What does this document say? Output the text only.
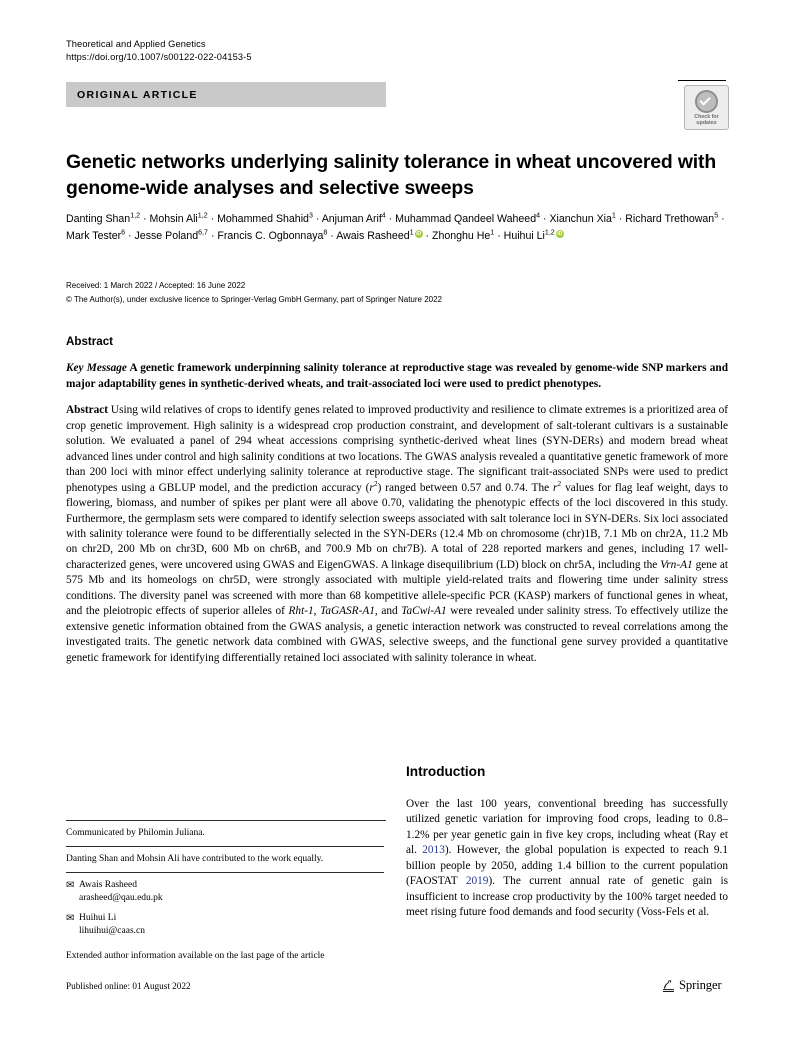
Theoretical and Applied Genetics
https://doi.org/10.1007/s00122-022-04153-5
ORIGINAL ARTICLE
Check for
updates
Genetic networks underlying salinity tolerance in wheat uncovered with genome-wide analyses and selective sweeps
Danting Shan$^{1,2}$ · Mohsin Ali$^{1,2}$ · Mohammed Shahid$^3$ · Anjuman Arif$^4$ · Muhammad Qandeel Waheed$^4$ · Xianchun Xia$^1$ · Richard Trethowan$^5$ · Mark Tester$^6$ · Jesse Poland$^{6,7}$ · Francis C. Ogbonnaya$^8$ · Awais Rasheed$^1$iD · Zhonghu $He^1$ · Huihui Li$^{1,2}$iD
Received: 1 March 2022 / Accepted: 16 June 2022
© The Author(s), under exclusive licence to Springer-Verlag GmbH Germany, part of Springer Nature 2022
Abstract

Key Message A genetic framework underpinning salinity tolerance at reproductive stage was revealed by genome-wide SNP markers and major adaptability genes in synthetic-derived wheats, and trait-associated loci were used to predict phenotypes.

Abstract Using wild relatives of crops to identify genes related to improved productivity and resilience to climate extremes is a prioritized area of crop genetic improvement. High salinity is a widespread crop production constraint, and development of salt-tolerant cultivars is a sustainable solution. We evaluated a panel of 294 wheat accessions comprising synthetic-derived wheat lines (SYN-DERs) and modern bread wheat advanced lines under control and high salinity conditions at two locations. The GWAS analysis revealed a quantitative genetic framework of more than 200 loci with minor effect underlying salinity tolerance at reproductive stage. The significant trait-associated SNPs were used to predict phenotypes using a GBLUP model, and the prediction accuracy $(r^2)$ ranged between 0.57 and 0.74. The $r^2$ values for flag leaf weight, days to flowering, biomass, and number of spikes per plant were all above 0.70, validating the phenotypic effects of the loci discovered in this study. Furthermore, the germplasm sets were compared to identify selection sweeps associated with salt tolerance loci in SYN-DERs. Six loci associated with salinity tolerance were found to be differentially selected in the SYN-DERs (12.4 Mb on chromosome (chr)1B, 7.1 Mb on chr2A, 11.2 Mb on chr2D, 200 Mb on chr3D, 600 Mb on chr6B, and 700.9 Mb on chr7B). A total of 228 reported markers and genes, including 17 well-characterized genes, were uncovered using GWAS and EigenGWAS. A linkage disequilibrium (LD) block on chr5A, including the Vrn-A1 gene at 575 Mb and its homeologs on chr5D, were strongly associated with multiple yield-related traits and flowering time under salinity stress conditions. The diversity panel was screened with more than 68 kompetitive allele-specific PCR (KASP) markers of functional genes in wheat, and the pleiotropic effects of superior alleles of Rht-1, TaGASR-A1, and TaCwi-A1 were revealed under salinity stress. To effectively utilize the extensive genetic information obtained from the GWAS analysis, a genetic interaction network was constructed to reveal correlations among the investigated traits. The genetic network data combined with GWAS, selective sweeps, and the functional gene survey provided a quantitative genetic framework for identifying differentially retained loci associated with salinity tolerance in wheat.

Communicated by Philomin Juliana.
Danting Shan and Mohsin Ali have contributed to the work equally.
✉ Awais Rasheed
arasheed@qau.edu.pk
✉ Huihui Li
lihuihui@caas.cn
Extended author information available on the last page of the article
Introduction

Over the last 100 years, conventional breeding has successfully utilized genetic variation for improving food crops, leading to 0.8–1.2% per year genetic gain in five key crops, including wheat (Ray et al. 2013). However, the global population is expected to reach 9.1 billion people by 2050, adding 1.4 billion to the current population (FAOSTAT 2019). The current annual rate of genetic gain is insufficient to increase crop productivity by the 100% target needed to meet rising future food demands and food security (Voss-Fels et al.

Published online: 01 August 2022	Springer
